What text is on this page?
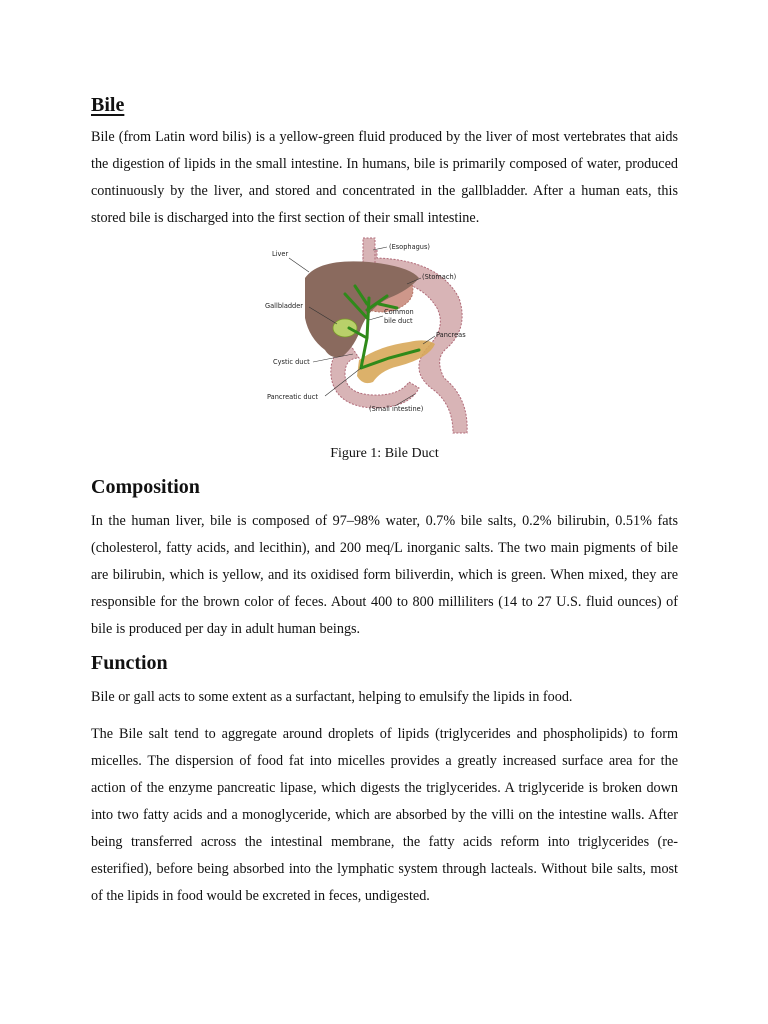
Bile

Bile (from Latin word bilis) is a yellow-green fluid produced by the liver of most vertebrates that aids the digestion of lipids in the small intestine. In humans, bile is primarily composed of water, produced continuously by the liver, and stored and concentrated in the gallbladder. After a human eats, this stored bile is discharged into the first section of their small intestine.

Liver
(Esophagus)
(Stomach)
Gallbladder
Common
bile duct
Pancreas
Cystic duct
Pancreatic duct
(Small intestine)
Figure 1: Bile Duct
Composition

In the human liver, bile is composed of 97–98% water, 0.7% bile salts, 0.2% bilirubin, 0.51% fats (cholesterol, fatty acids, and lecithin), and 200 meq/L inorganic salts. The two main pigments of bile are bilirubin, which is yellow, and its oxidised form biliverdin, which is green. When mixed, they are responsible for the brown color of feces. About 400 to 800 milliliters (14 to 27 U.S. fluid ounces) of bile is produced per day in adult human beings.

Function

Bile or gall acts to some extent as a surfactant, helping to emulsify the lipids in food.

The Bile salt tend to aggregate around droplets of lipids (triglycerides and phospholipids) to form micelles. The dispersion of food fat into micelles provides a greatly increased surface area for the action of the enzyme pancreatic lipase, which digests the triglycerides. A triglyceride is broken down into two fatty acids and a monoglyceride, which are absorbed by the villi on the intestine walls. After being transferred across the intestinal membrane, the fatty acids reform into triglycerides (re-esterified), before being absorbed into the lymphatic system through lacteals. Without bile salts, most of the lipids in food would be excreted in feces, undigested.
